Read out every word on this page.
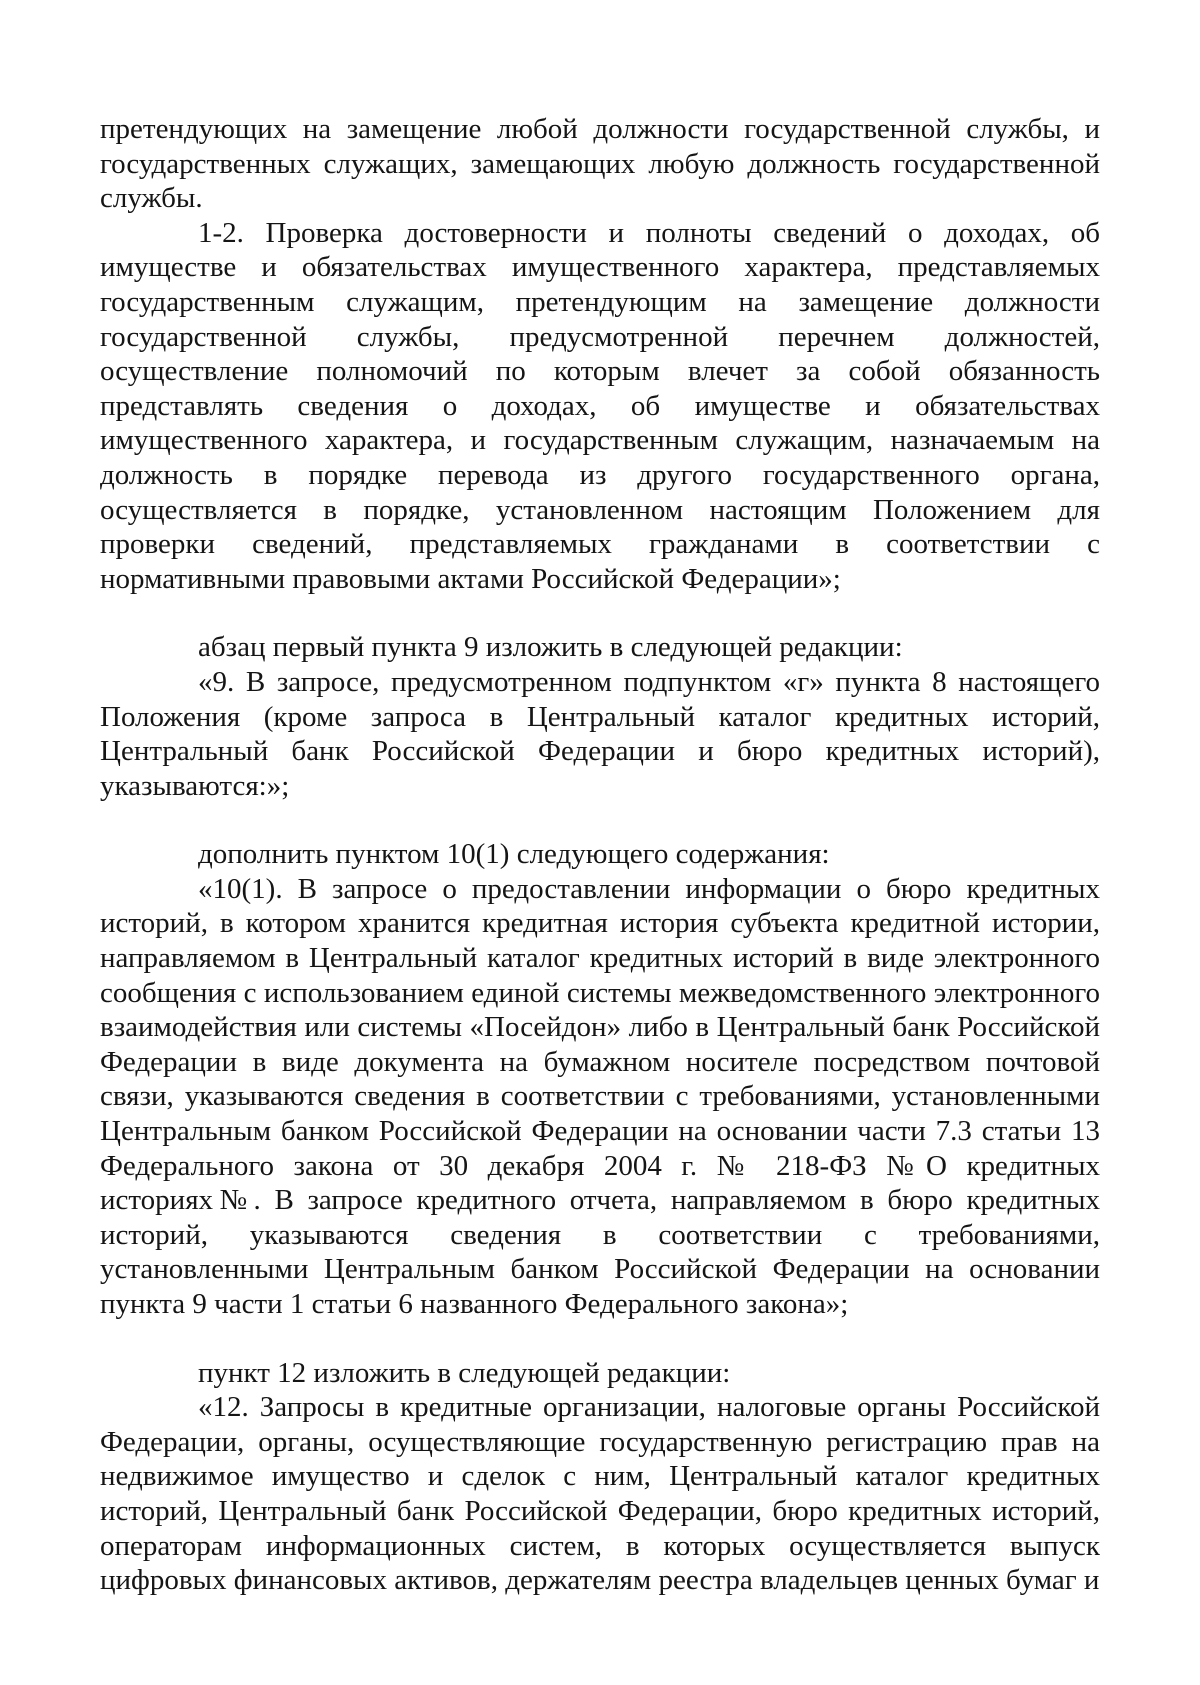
претендующих на замещение любой должности государственной службы, и государственных служащих, замещающих любую должность государственной службы.

1-2. Проверка достоверности и полноты сведений о доходах, об имуществе и обязательствах имущественного характера, представляемых государственным служащим, претендующим на замещение должности государственной службы, предусмотренной перечнем должностей, осуществление полномочий по которым влечет за собой обязанность представлять сведения о доходах, об имуществе и обязательствах имущественного характера, и государственным служащим, назначаемым на должность в порядке перевода из другого государственного органа, осуществляется в порядке, установленном настоящим Положением для проверки сведений, представляемых гражданами в соответствии с нормативными правовыми актами Российской Федерации»;

абзац первый пункта 9 изложить в следующей редакции:

«9. В запросе, предусмотренном подпунктом «г» пункта 8 настоящего Положения (кроме запроса в Центральный каталог кредитных историй, Центральный банк Российской Федерации и бюро кредитных историй), указываются:»;

дополнить пунктом 10(1) следующего содержания:

«10(1). В запросе о предоставлении информации о бюро кредитных историй, в котором хранится кредитная история субъекта кредитной истории, направляемом в Центральный каталог кредитных историй в виде электронного сообщения с использованием единой системы межведомственного электронного взаимодействия или системы «Посейдон» либо в Центральный банк Российской Федерации в виде документа на бумажном носителе посредством почтовой связи, указываются сведения в соответствии с требованиями, установленными Центральным банком Российской Федерации на основании части 7.3 статьи 13 Федерального закона от 30 декабря 2004 г. № 218-ФЗ №О кредитных историях№. В запросе кредитного отчета, направляемом в бюро кредитных историй, указываются сведения в соответствии с требованиями, установленными Центральным банком Российской Федерации на основании пункта 9 части 1 статьи 6 названного Федерального закона»;

пункт 12 изложить в следующей редакции:

«12. Запросы в кредитные организации, налоговые органы Российской Федерации, органы, осуществляющие государственную регистрацию прав на недвижимое имущество и сделок с ним, Центральный каталог кредитных историй, Центральный банк Российской Федерации, бюро кредитных историй, операторам информационных систем, в которых осуществляется выпуск цифровых финансовых активов, держателям реестра владельцев ценных бумаг и
